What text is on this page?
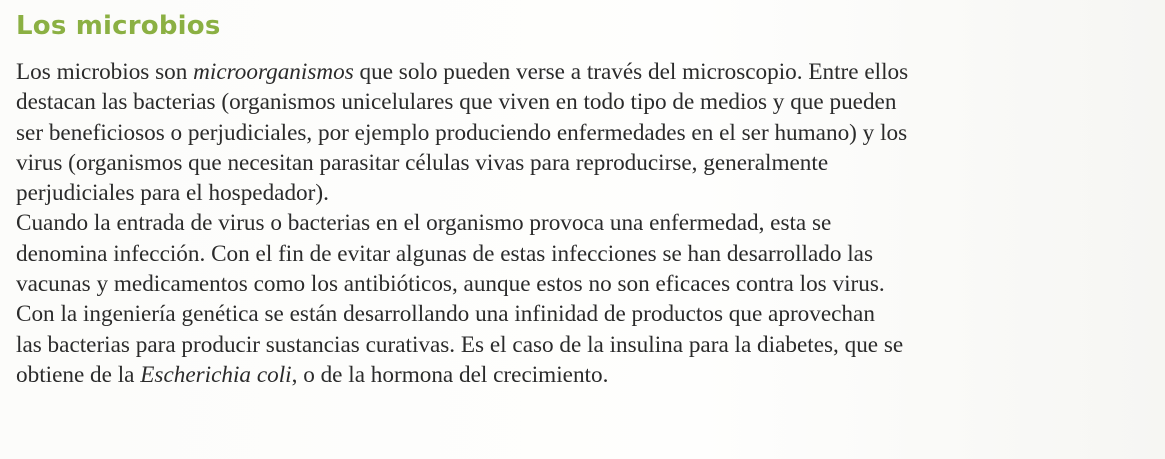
Los microbios
Los microbios son microorganismos que solo pueden verse a través del microscopio. Entre ellos
destacan las bacterias (organismos unicelulares que viven en todo tipo de medios y que pueden
ser beneficiosos o perjudiciales, por ejemplo produciendo enfermedades en el ser humano) y los
virus (organismos que necesitan parasitar células vivas para reproducirse, generalmente
perjudiciales para el hospedador).
Cuando la entrada de virus o bacterias en el organismo provoca una enfermedad, esta se
denomina infección. Con el fin de evitar algunas de estas infecciones se han desarrollado las
vacunas y medicamentos como los antibióticos, aunque estos no son eficaces contra los virus.
Con la ingeniería genética se están desarrollando una infinidad de productos que aprovechan
las bacterias para producir sustancias curativas. Es el caso de la insulina para la diabetes, que se
obtiene de la Escherichia coli, o de la hormona del crecimiento.
